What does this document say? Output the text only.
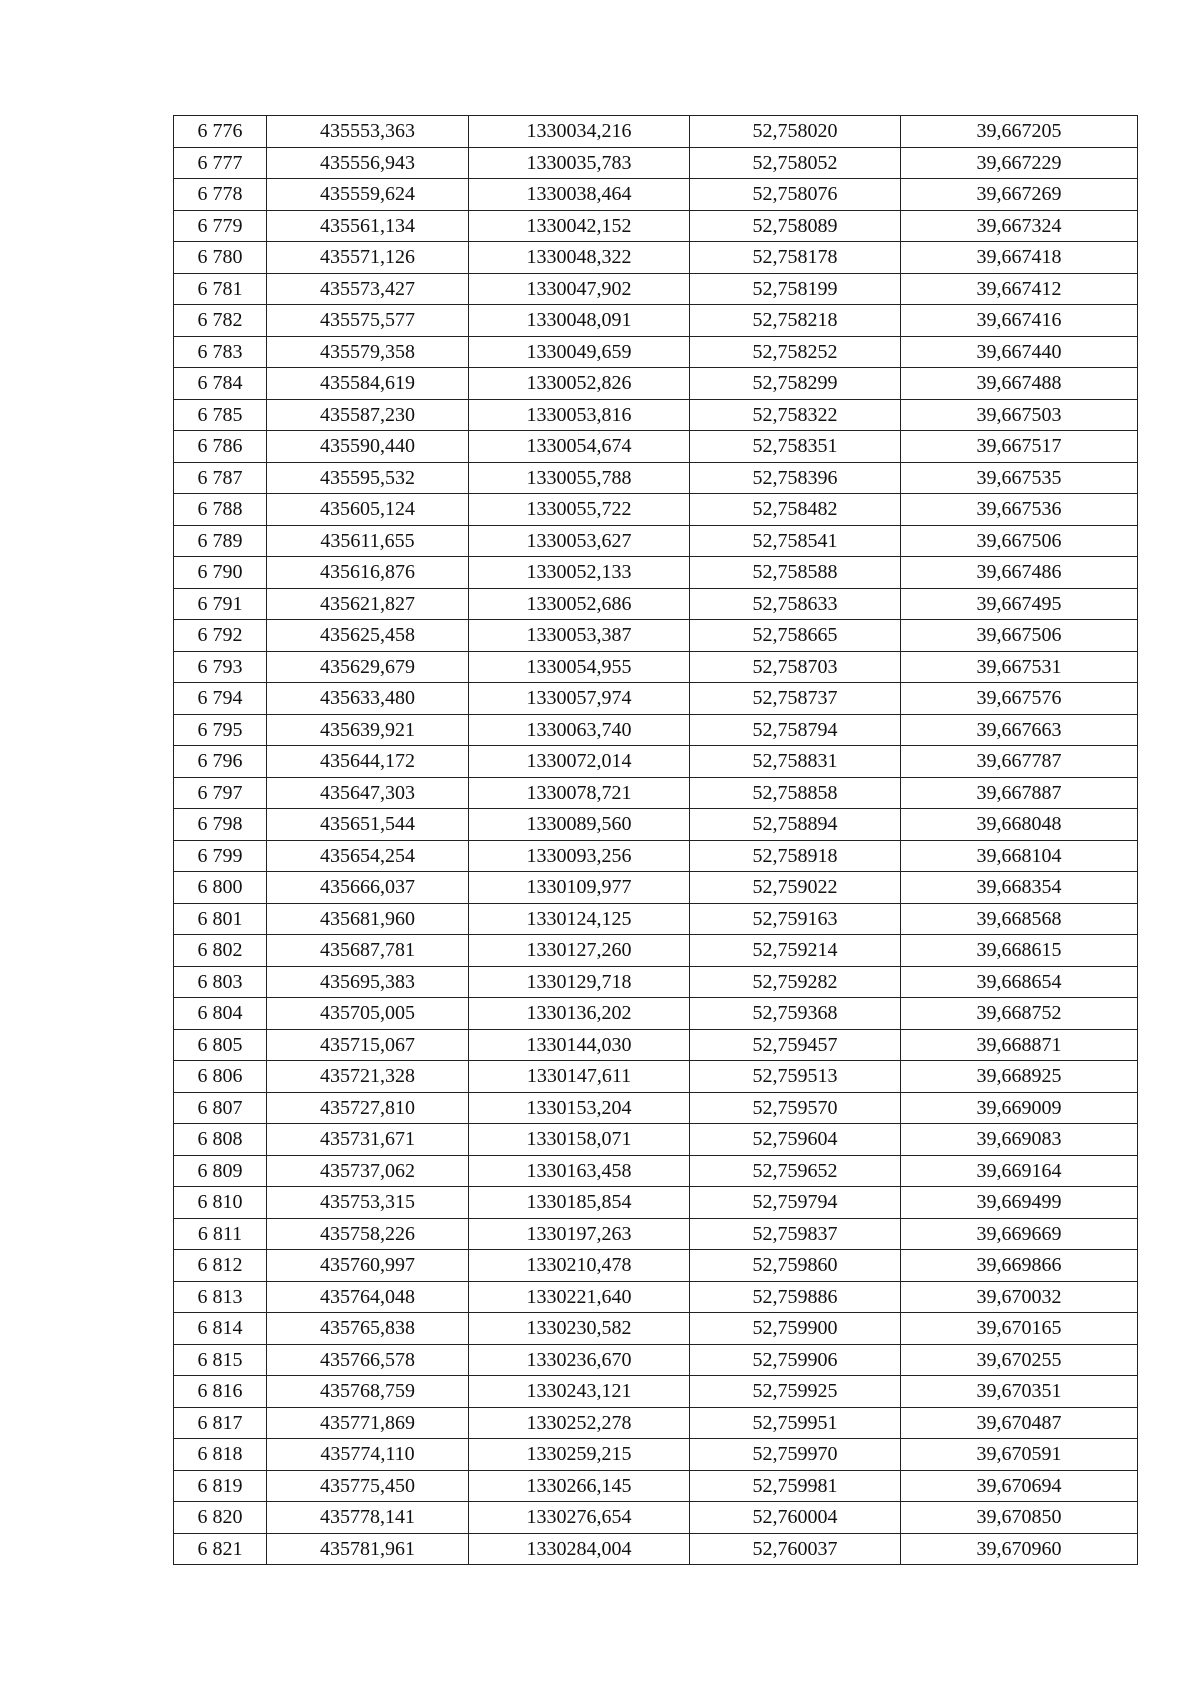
6 776	435553,363	1330034,216	52,758020	39,667205
6 777	435556,943	1330035,783	52,758052	39,667229
6 778	435559,624	1330038,464	52,758076	39,667269
6 779	435561,134	1330042,152	52,758089	39,667324
6 780	435571,126	1330048,322	52,758178	39,667418
6 781	435573,427	1330047,902	52,758199	39,667412
6 782	435575,577	1330048,091	52,758218	39,667416
6 783	435579,358	1330049,659	52,758252	39,667440
6 784	435584,619	1330052,826	52,758299	39,667488
6 785	435587,230	1330053,816	52,758322	39,667503
6 786	435590,440	1330054,674	52,758351	39,667517
6 787	435595,532	1330055,788	52,758396	39,667535
6 788	435605,124	1330055,722	52,758482	39,667536
6 789	435611,655	1330053,627	52,758541	39,667506
6 790	435616,876	1330052,133	52,758588	39,667486
6 791	435621,827	1330052,686	52,758633	39,667495
6 792	435625,458	1330053,387	52,758665	39,667506
6 793	435629,679	1330054,955	52,758703	39,667531
6 794	435633,480	1330057,974	52,758737	39,667576
6 795	435639,921	1330063,740	52,758794	39,667663
6 796	435644,172	1330072,014	52,758831	39,667787
6 797	435647,303	1330078,721	52,758858	39,667887
6 798	435651,544	1330089,560	52,758894	39,668048
6 799	435654,254	1330093,256	52,758918	39,668104
6 800	435666,037	1330109,977	52,759022	39,668354
6 801	435681,960	1330124,125	52,759163	39,668568
6 802	435687,781	1330127,260	52,759214	39,668615
6 803	435695,383	1330129,718	52,759282	39,668654
6 804	435705,005	1330136,202	52,759368	39,668752
6 805	435715,067	1330144,030	52,759457	39,668871
6 806	435721,328	1330147,611	52,759513	39,668925
6 807	435727,810	1330153,204	52,759570	39,669009
6 808	435731,671	1330158,071	52,759604	39,669083
6 809	435737,062	1330163,458	52,759652	39,669164
6 810	435753,315	1330185,854	52,759794	39,669499
6 811	435758,226	1330197,263	52,759837	39,669669
6 812	435760,997	1330210,478	52,759860	39,669866
6 813	435764,048	1330221,640	52,759886	39,670032
6 814	435765,838	1330230,582	52,759900	39,670165
6 815	435766,578	1330236,670	52,759906	39,670255
6 816	435768,759	1330243,121	52,759925	39,670351
6 817	435771,869	1330252,278	52,759951	39,670487
6 818	435774,110	1330259,215	52,759970	39,670591
6 819	435775,450	1330266,145	52,759981	39,670694
6 820	435778,141	1330276,654	52,760004	39,670850
6 821	435781,961	1330284,004	52,760037	39,670960
